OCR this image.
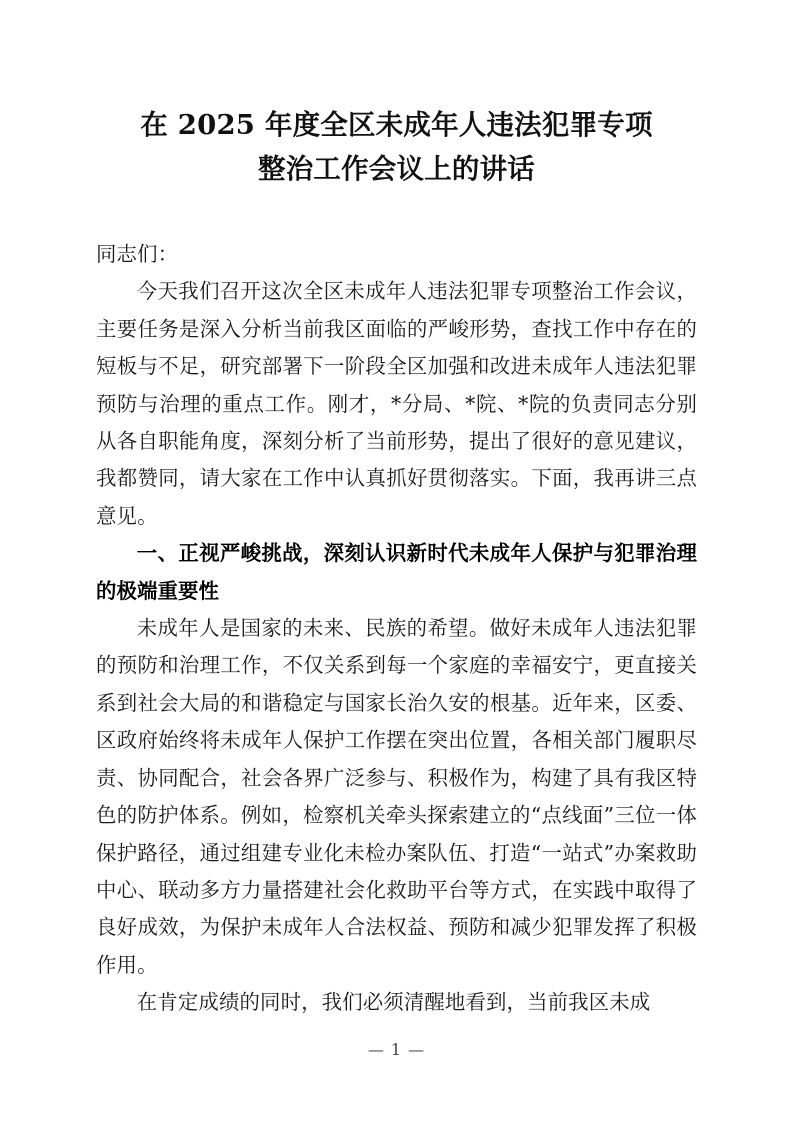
在 2025 年度全区未成年人违法犯罪专项
整治工作会议上的讲话

同志们：

今天我们召开这次全区未成年人违法犯罪专项整治工作会议，主要任务是深入分析当前我区面临的严峻形势，查找工作中存在的短板与不足，研究部署下一阶段全区加强和改进未成年人违法犯罪预防与治理的重点工作。刚才，*分局、*院、*院的负责同志分别从各自职能角度，深刻分析了当前形势，提出了很好的意见建议，我都赞同，请大家在工作中认真抓好贯彻落实。下面，我再讲三点意见。

一、正视严峻挑战，深刻认识新时代未成年人保护与犯罪治理的极端重要性

未成年人是国家的未来、民族的希望。做好未成年人违法犯罪的预防和治理工作，不仅关系到每一个家庭的幸福安宁，更直接关系到社会大局的和谐稳定与国家长治久安的根基。近年来，区委、区政府始终将未成年人保护工作摆在突出位置，各相关部门履职尽责、协同配合，社会各界广泛参与、积极作为，构建了具有我区特色的防护体系。例如，检察机关牵头探索建立的“点线面”三位一体保护路径，通过组建专业化未检办案队伍、打造“一站式”办案救助中心、联动多方力量搭建社会化救助平台等方式，在实践中取得了良好成效，为保护未成年人合法权益、预防和减少犯罪发挥了积极作用。

在肯定成绩的同时，我们必须清醒地看到，当前我区未成

— 1 —
